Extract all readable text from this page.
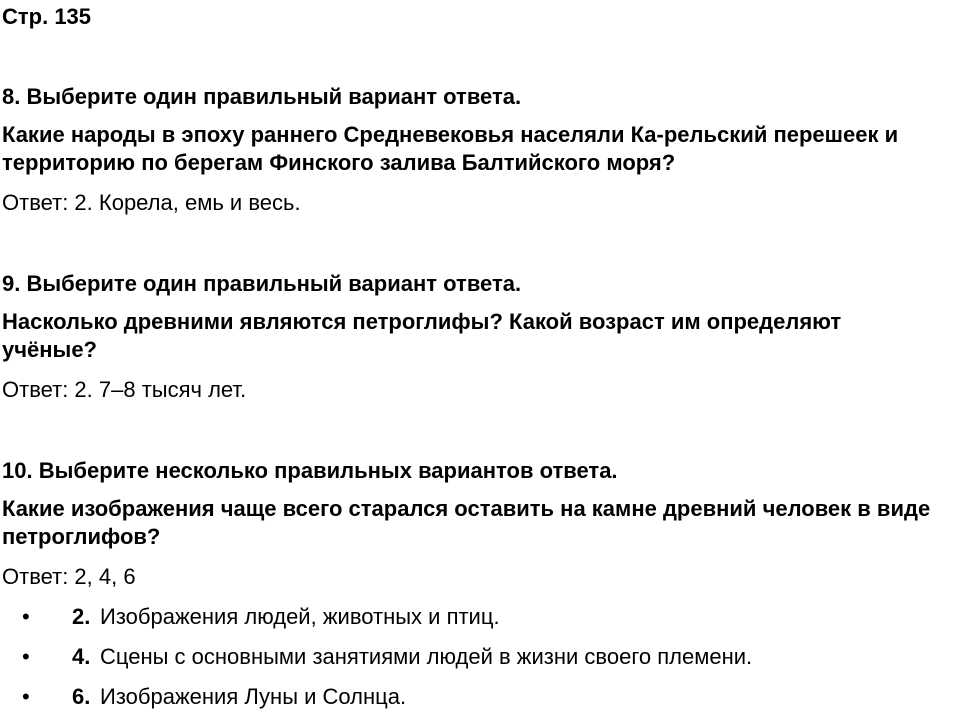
Стр. 135
8. Выберите один правильный вариант ответа.
Какие народы в эпоху раннего Средневековья населяли Ка-рельский перешеек и территорию по берегам Финского залива Балтийского моря?
Ответ: 2. Корела, емь и весь.
9. Выберите один правильный вариант ответа.
Насколько древними являются петроглифы? Какой возраст им определяют учёные?
Ответ: 2. 7–8 тысяч лет.
10. Выберите несколько правильных вариантов ответа.
Какие изображения чаще всего старался оставить на камне древний человек в виде петроглифов?
Ответ: 2, 4, 6
• 2. Изображения людей, животных и птиц.
• 4. Сцены с основными занятиями людей в жизни своего племени.
• 6. Изображения Луны и Солнца.
